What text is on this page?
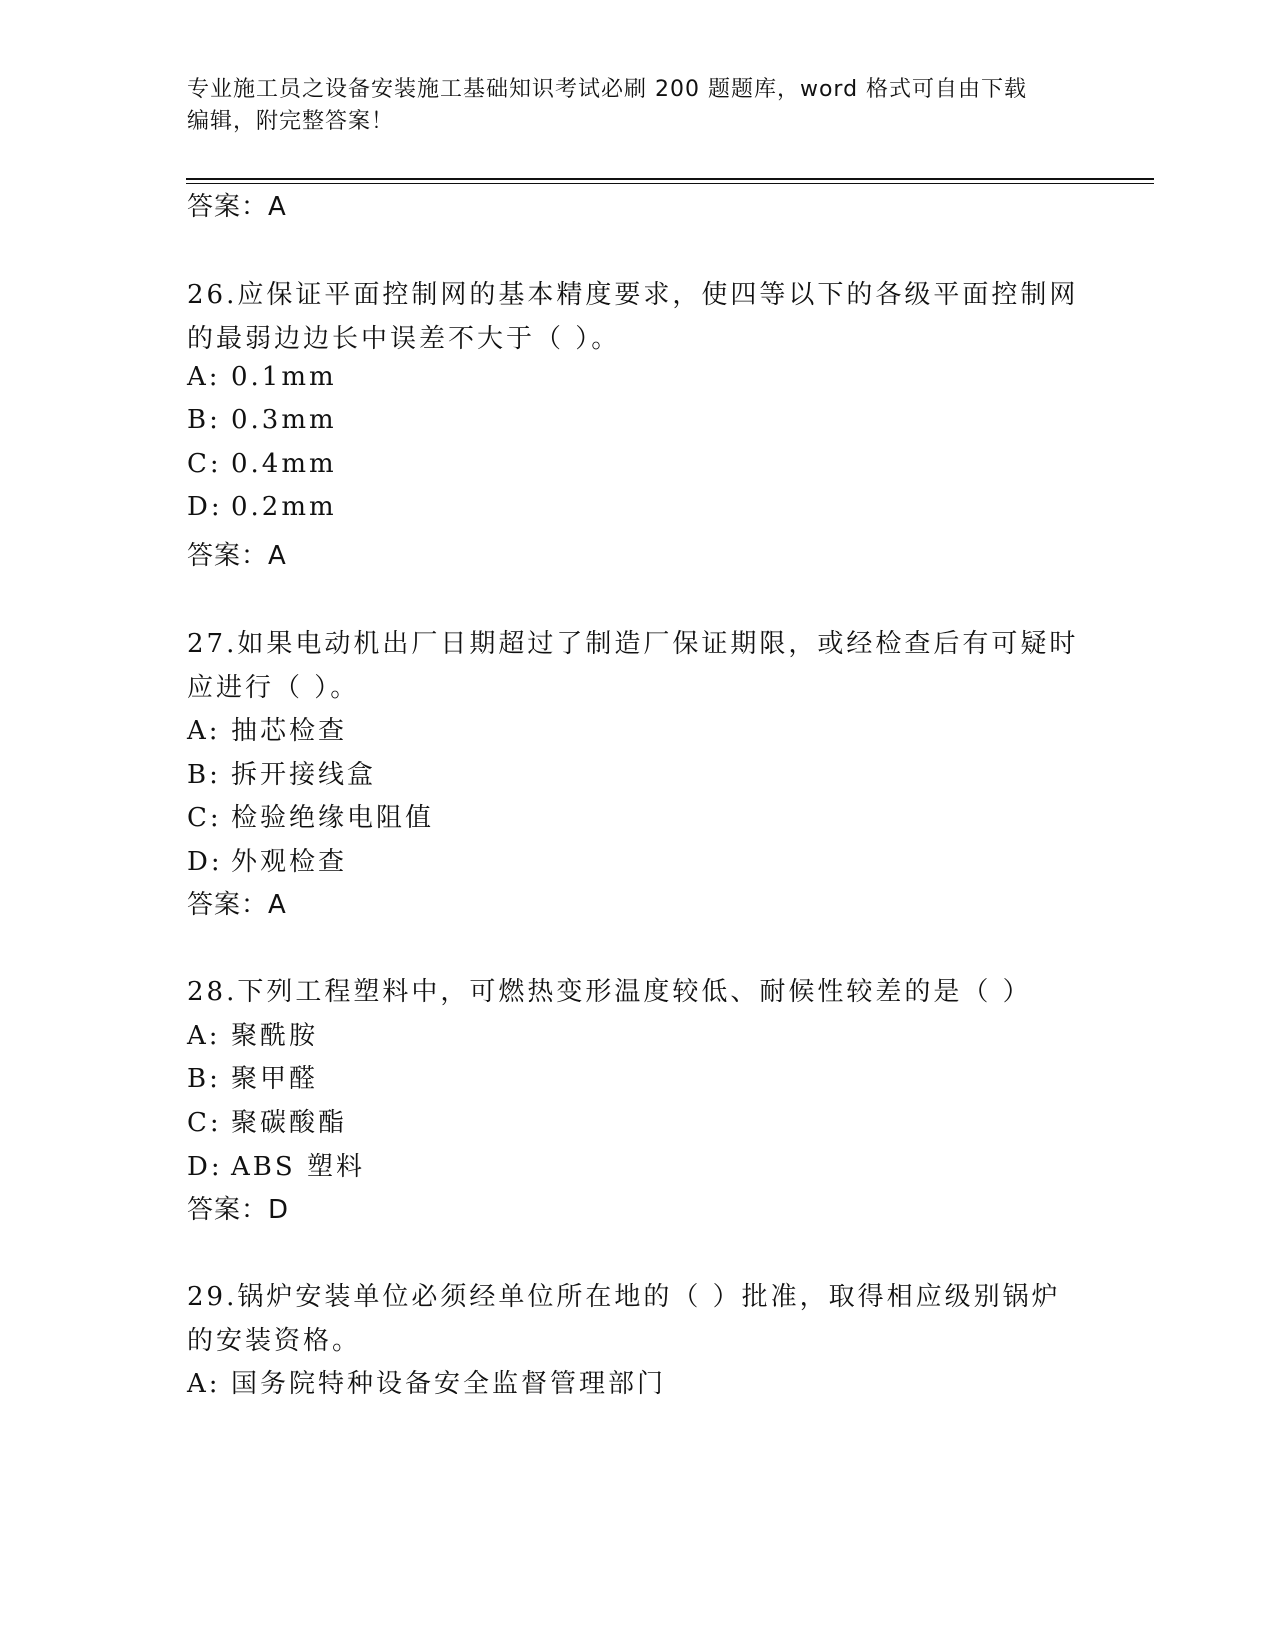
专业施工员之设备安装施工基础知识考试必刷 200 题题库，word 格式可自由下载
编辑，附完整答案！
答案：A
26.应保证平面控制网的基本精度要求，使四等以下的各级平面控制网
的最弱边边长中误差不大于（ ）。
A: 0.1mm
B: 0.3mm
C: 0.4mm
D: 0.2mm
答案：A
27.如果电动机出厂日期超过了制造厂保证期限，或经检查后有可疑时
应进行（ ）。
A: 抽芯检查
B: 拆开接线盒
C: 检验绝缘电阻值
D: 外观检查
答案：A
28.下列工程塑料中，可燃热变形温度较低、耐候性较差的是（ ）
A: 聚酰胺
B: 聚甲醛
C: 聚碳酸酯
D: ABS 塑料
答案：D
29.锅炉安装单位必须经单位所在地的（ ）批准，取得相应级别锅炉
的安装资格。
A: 国务院特种设备安全监督管理部门
